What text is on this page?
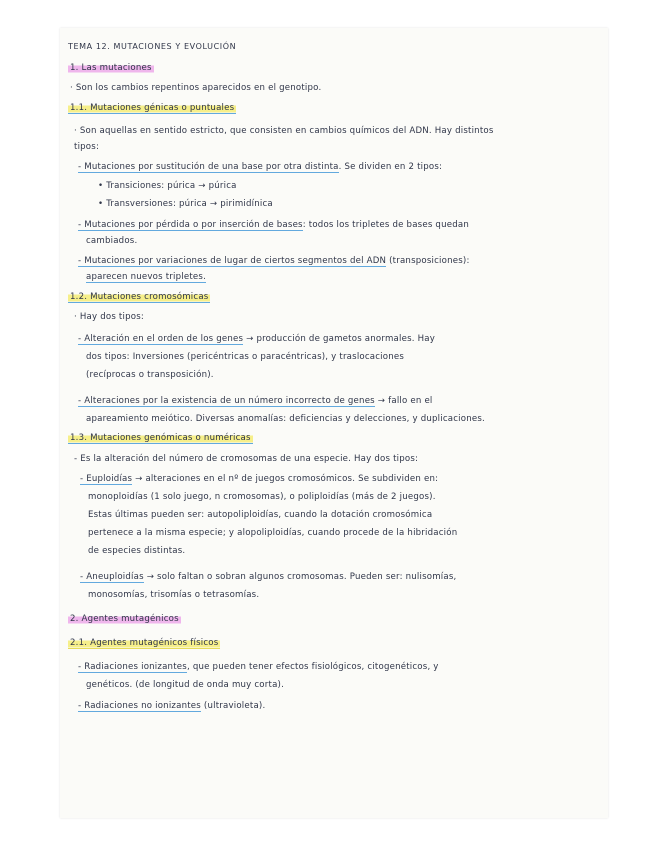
TEMA 12. MUTACIONES Y EVOLUCIÓN
1. Las mutaciones
· Son los cambios repentinos aparecidos en el genotipo.
1.1. Mutaciones génicas o puntuales
· Son aquellas en sentido estricto, que consisten en cambios químicos del ADN. Hay distintos
tipos:
- Mutaciones por sustitución de una base por otra distinta. Se dividen en 2 tipos:
• Transiciones: púrica → púrica
• Transversiones: púrica → pirimidínica
- Mutaciones por pérdida o por inserción de bases: todos los tripletes de bases quedan
cambiados.
- Mutaciones por variaciones de lugar de ciertos segmentos del ADN (transposiciones):
aparecen nuevos tripletes.
1.2. Mutaciones cromosómicas
· Hay dos tipos:
- Alteración en el orden de los genes → producción de gametos anormales. Hay
dos tipos: Inversiones (pericéntricas o paracéntricas), y traslocaciones
(recíprocas o transposición).
- Alteraciones por la existencia de un número incorrecto de genes → fallo en el
apareamiento meiótico. Diversas anomalías: deficiencias y delecciones, y duplicaciones.
1.3. Mutaciones genómicas o numéricas
- Es la alteración del número de cromosomas de una especie. Hay dos tipos:
- Euploidías → alteraciones en el nº de juegos cromosómicos. Se subdividen en:
monoploidías (1 solo juego, n cromosomas), o poliploidías (más de 2 juegos).
Estas últimas pueden ser: autopoliploidías, cuando la dotación cromosómica
pertenece a la misma especie; y alopoliploidías, cuando procede de la hibridación
de especies distintas.
- Aneuploidías → solo faltan o sobran algunos cromosomas. Pueden ser: nulisomías,
monosomías, trisomías o tetrasomías.
2. Agentes mutagénicos
2.1. Agentes mutagénicos físicos
- Radiaciones ionizantes, que pueden tener efectos fisiológicos, citogenéticos, y
genéticos. (de longitud de onda muy corta).
- Radiaciones no ionizantes (ultravioleta).
